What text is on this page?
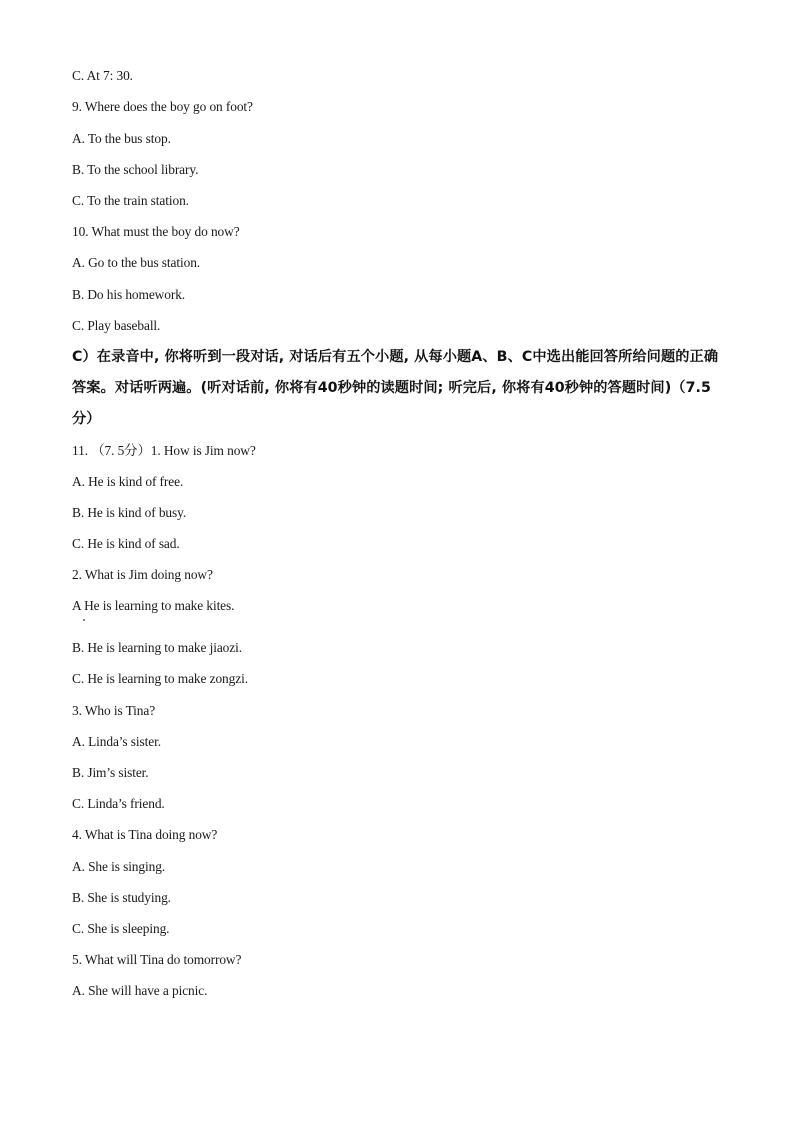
C. At 7: 30.
9. Where does the boy go on foot?
A. To the bus stop.
B. To the school library.
C. To the train station.
10. What must the boy do now?
A. Go to the bus station.
B. Do his homework.
C. Play baseball.
C）在录音中, 你将听到一段对话, 对话后有五个小题, 从每小题A、B、C中选出能回答所给问题的正确答案。对话听两遍。(听对话前, 你将有40秒钟的读题时间; 听完后, 你将有40秒钟的答题时间)（7.5分）
11. （7. 5分）1. How is Jim now?
A. He is kind of free.
B. He is kind of busy.
C. He is kind of sad.
2. What is Jim doing now?
A He is learning to make kites.
B. He is learning to make jiaozi.
C. He is learning to make zongzi.
3. Who is Tina?
A. Linda’s sister.
B. Jim’s sister.
C. Linda’s friend.
4. What is Tina doing now?
A. She is singing.
B. She is studying.
C. She is sleeping.
5. What will Tina do tomorrow?
A. She will have a picnic.
